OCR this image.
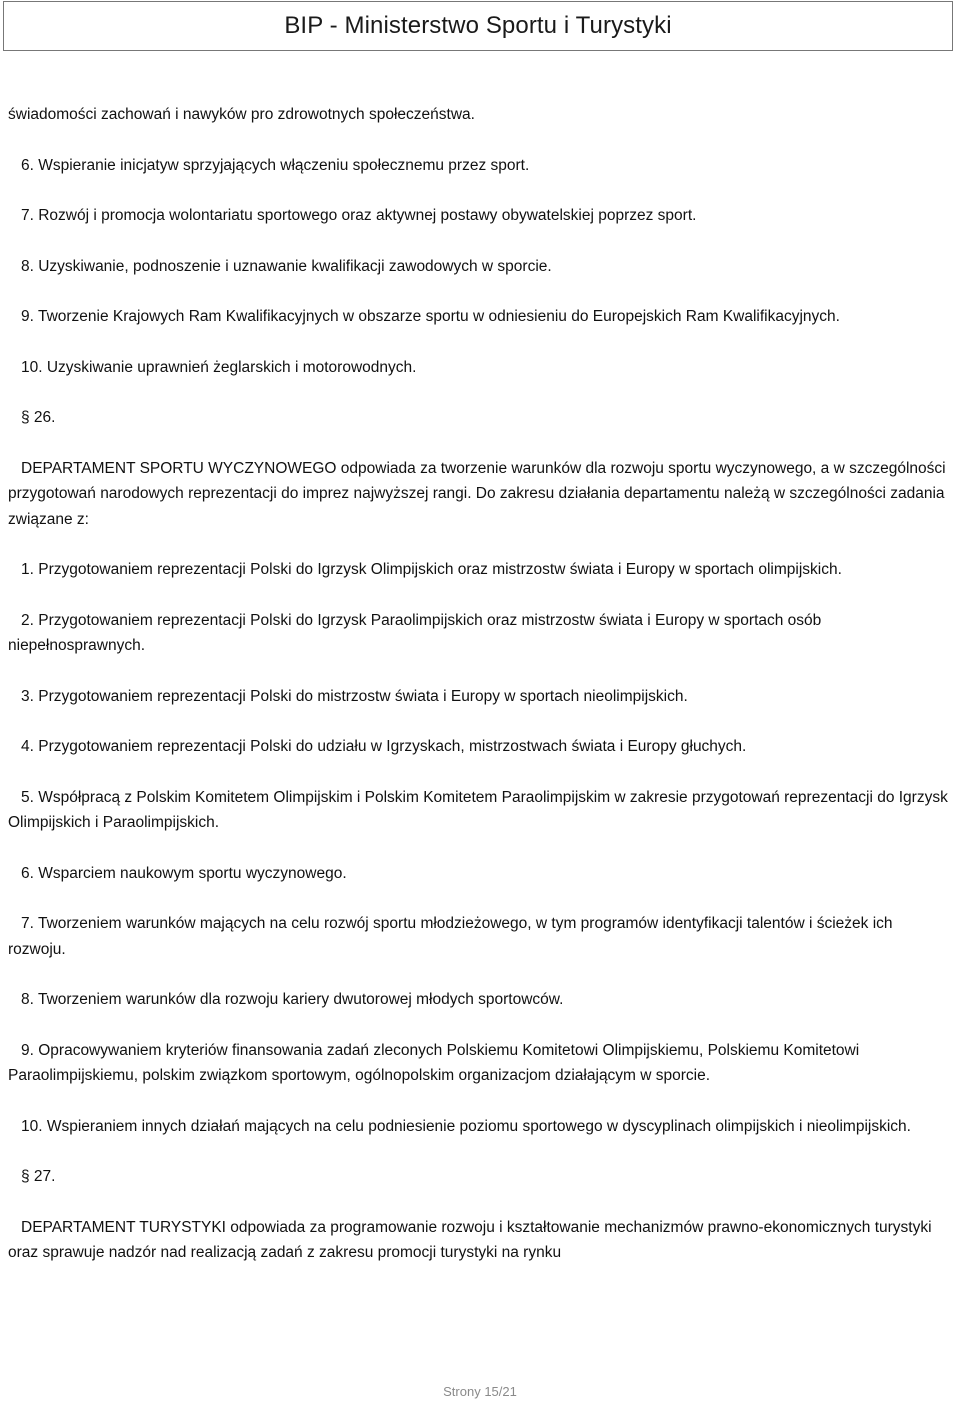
BIP - Ministerstwo Sportu i Turystyki

świadomości zachowań i nawyków pro zdrowotnych społeczeństwa.

6. Wspieranie inicjatyw sprzyjających włączeniu społecznemu przez sport.

7. Rozwój i promocja wolontariatu sportowego oraz aktywnej postawy obywatelskiej poprzez sport.

8. Uzyskiwanie, podnoszenie i uznawanie kwalifikacji zawodowych w sporcie.

9. Tworzenie Krajowych Ram Kwalifikacyjnych w obszarze sportu w odniesieniu do Europejskich Ram Kwalifikacyjnych.

10. Uzyskiwanie uprawnień żeglarskich i motorowodnych.

§ 26.

DEPARTAMENT SPORTU WYCZYNOWEGO odpowiada za tworzenie warunków dla rozwoju sportu wyczynowego, a w szczególności przygotowań narodowych reprezentacji do imprez najwyższej rangi. Do zakresu działania departamentu należą w szczególności zadania związane z:

1. Przygotowaniem reprezentacji Polski do Igrzysk Olimpijskich oraz mistrzostw świata i Europy w sportach olimpijskich.

2. Przygotowaniem reprezentacji Polski do Igrzysk Paraolimpijskich oraz mistrzostw świata i Europy w sportach osób niepełnosprawnych.

3. Przygotowaniem reprezentacji Polski do mistrzostw świata i Europy w sportach nieolimpijskich.

4. Przygotowaniem reprezentacji Polski do udziału w Igrzyskach, mistrzostwach świata i Europy głuchych.

5. Współpracą z Polskim Komitetem Olimpijskim i Polskim Komitetem Paraolimpijskim w zakresie przygotowań reprezentacji do Igrzysk Olimpijskich i Paraolimpijskich.

6. Wsparciem naukowym sportu wyczynowego.

7. Tworzeniem warunków mających na celu rozwój sportu młodzieżowego, w tym programów identyfikacji talentów i ścieżek ich rozwoju.

8. Tworzeniem warunków dla rozwoju kariery dwutorowej młodych sportowców.

9. Opracowywaniem kryteriów finansowania zadań zleconych Polskiemu Komitetowi Olimpijskiemu, Polskiemu Komitetowi Paraolimpijskiemu, polskim związkom sportowym, ogólnopolskim organizacjom działającym w sporcie.

10. Wspieraniem innych działań mających na celu podniesienie poziomu sportowego w dyscyplinach olimpijskich i nieolimpijskich.

§ 27.

DEPARTAMENT TURYSTYKI odpowiada za programowanie rozwoju i kształtowanie mechanizmów prawno-ekonomicznych turystyki oraz sprawuje nadzór nad realizacją zadań z zakresu promocji turystyki na rynku

Strony 15/21
